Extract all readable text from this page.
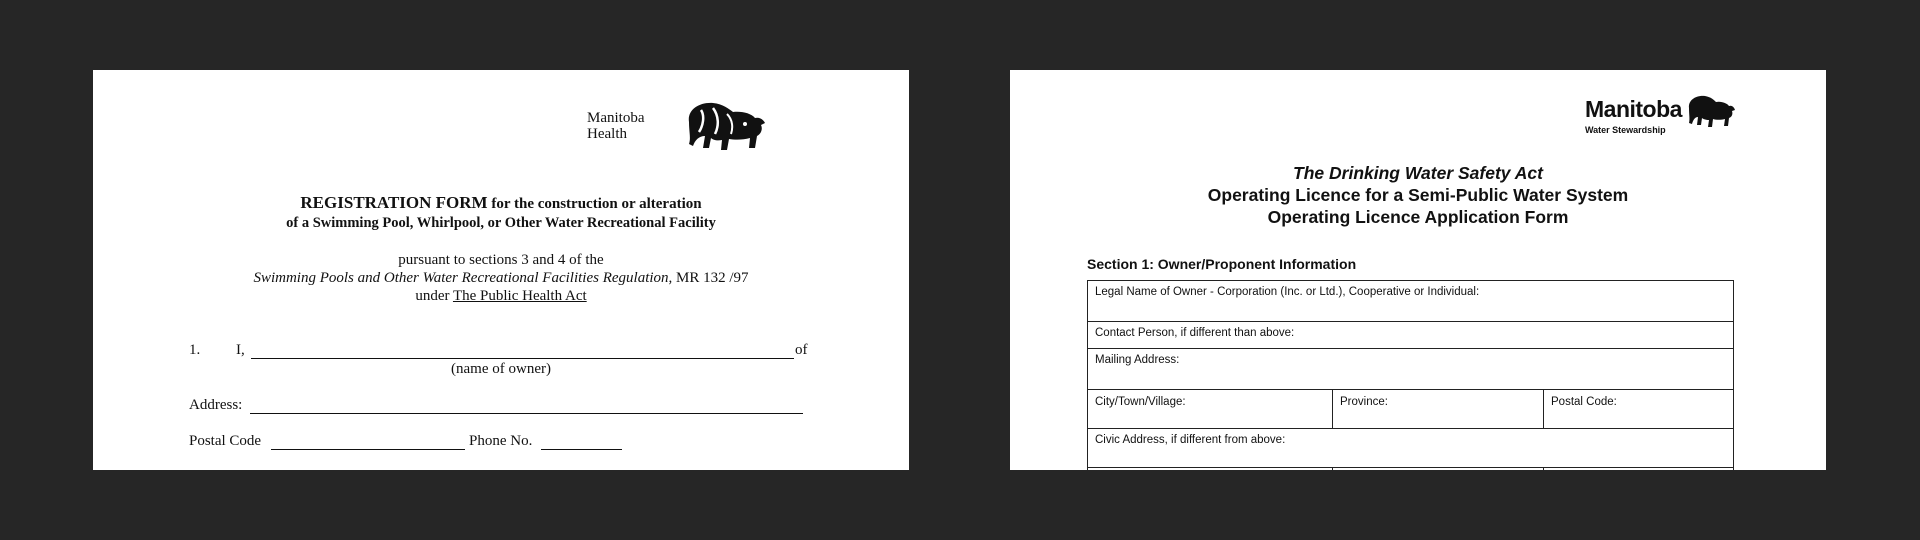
Manitoba
Health
REGISTRATION FORM for the construction or alteration
of a Swimming Pool, Whirlpool, or Other Water Recreational Facility
pursuant to sections 3 and 4 of the
Swimming Pools and Other Water Recreational Facilities Regulation, MR 132 /97
under The Public Health Act
1. I,	of
(name of owner)
Address:
Postal Code	Phone No.
Manitoba
Water Stewardship
The Drinking Water Safety Act
Operating Licence for a Semi-Public Water System
Operating Licence Application Form
Section 1: Owner/Proponent Information
Legal Name of Owner - Corporation (Inc. or Ltd.), Cooperative or Individual:
Contact Person, if different than above:
Mailing Address:
City/Town/Village:	Province:	Postal Code:
Civic Address, if different from above:
